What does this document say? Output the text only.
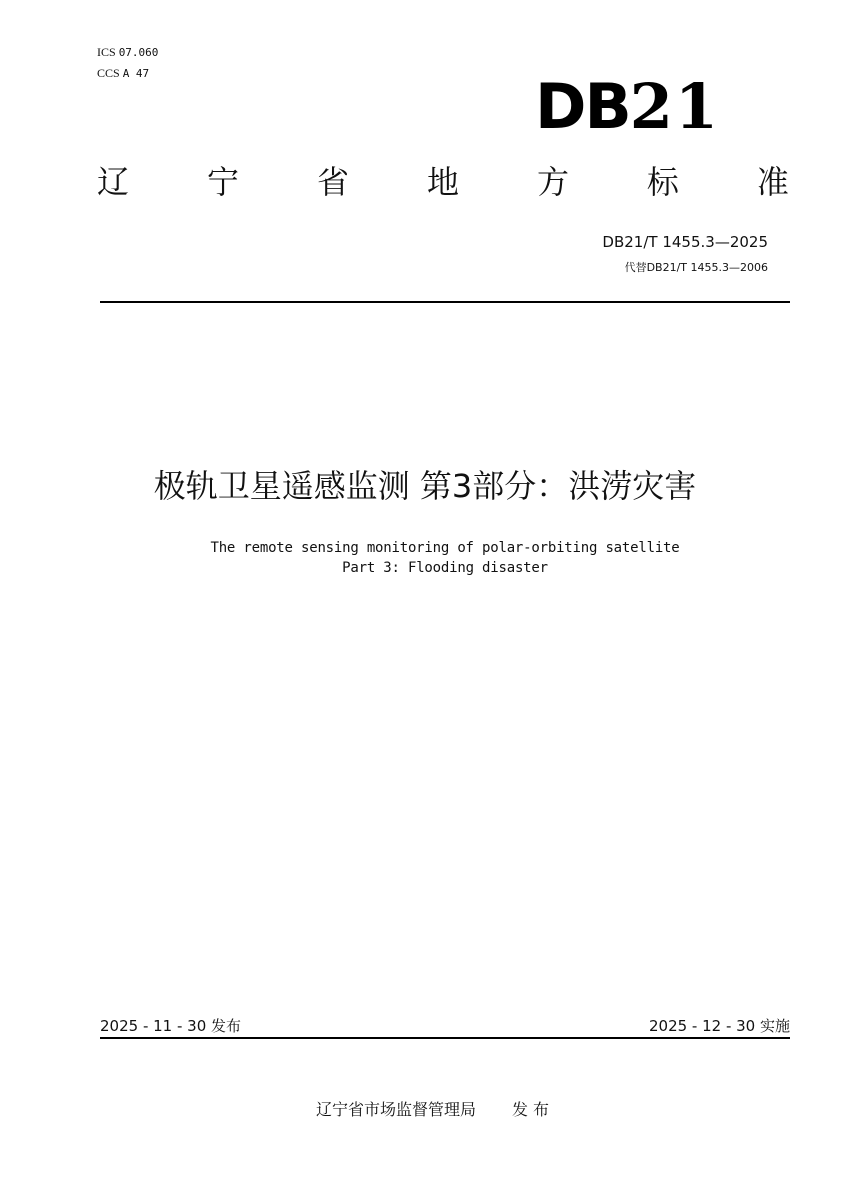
ICS 07.060
CCS A 47	DB21
辽 宁 省 地 方 标 准
DB21/T 1455.3—2025
代替DB21/T 1455.3—2006
极轨卫星遥感监测 第3部分：洪涝灾害
The remote sensing monitoring of polar-orbiting satellite
Part 3: Flooding disaster
2025 - 11 - 30 发布	2025 - 12 - 30 实施
辽宁省市场监督管理局 发 布
